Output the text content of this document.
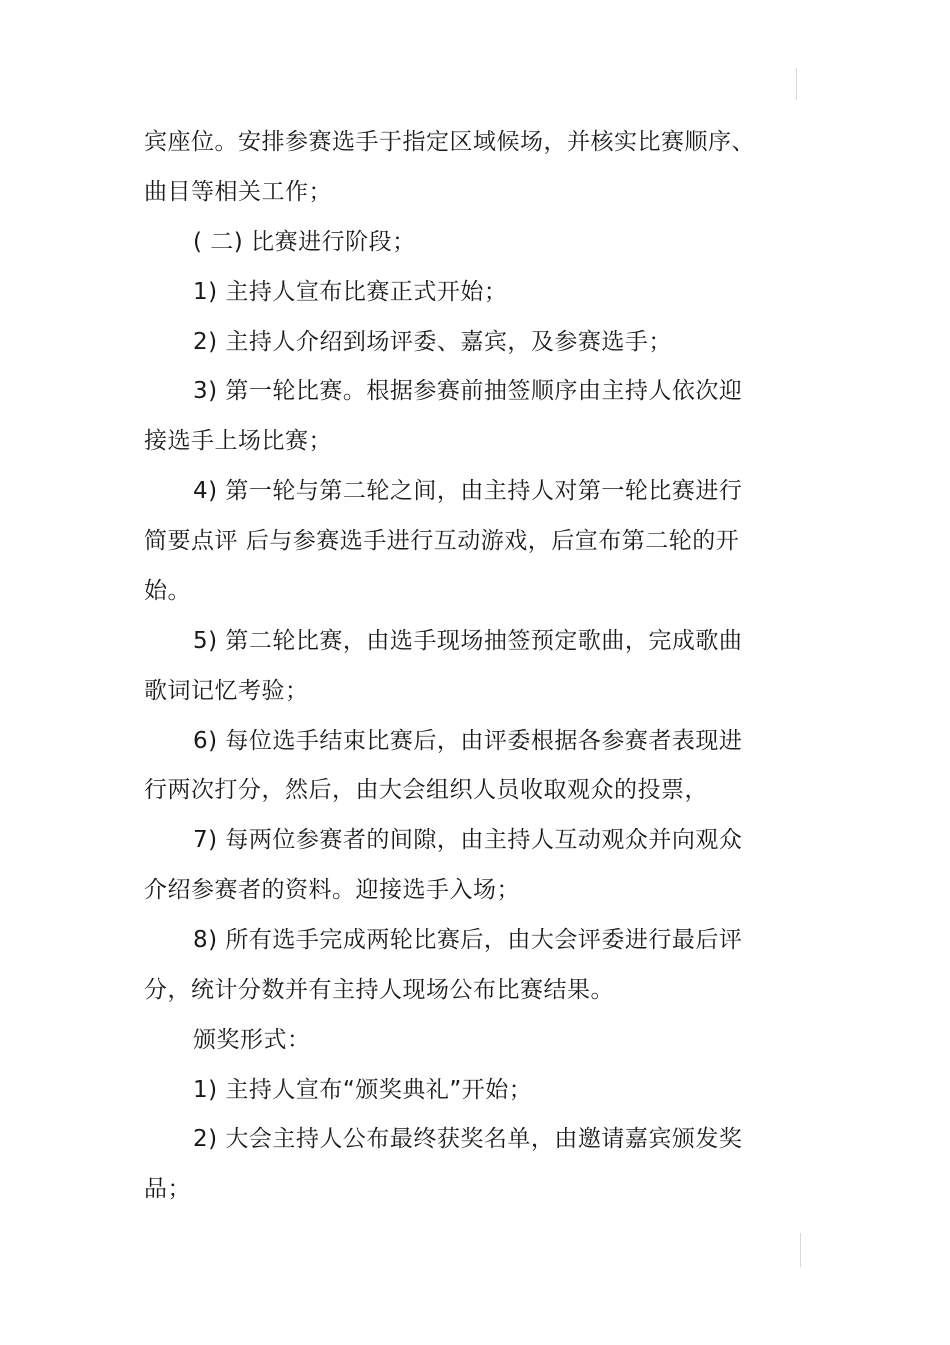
宾座位。安排参赛选手于指定区域候场，并核实比赛顺序、
曲目等相关工作；
( 二) 比赛进行阶段；
1) 主持人宣布比赛正式开始；
2) 主持人介绍到场评委、嘉宾，及参赛选手；
3) 第一轮比赛。根据参赛前抽签顺序由主持人依次迎
接选手上场比赛；
4) 第一轮与第二轮之间，由主持人对第一轮比赛进行
简要点评 后与参赛选手进行互动游戏，后宣布第二轮的开
始。
5) 第二轮比赛，由选手现场抽签预定歌曲，完成歌曲
歌词记忆考验；
6) 每位选手结束比赛后，由评委根据各参赛者表现进
行两次打分，然后，由大会组织人员收取观众的投票，
7) 每两位参赛者的间隙，由主持人互动观众并向观众
介绍参赛者的资料。迎接选手入场；
8) 所有选手完成两轮比赛后，由大会评委进行最后评
分，统计分数并有主持人现场公布比赛结果。
颁奖形式：
1) 主持人宣布“颁奖典礼”开始；
2) 大会主持人公布最终获奖名单，由邀请嘉宾颁发奖
品；
